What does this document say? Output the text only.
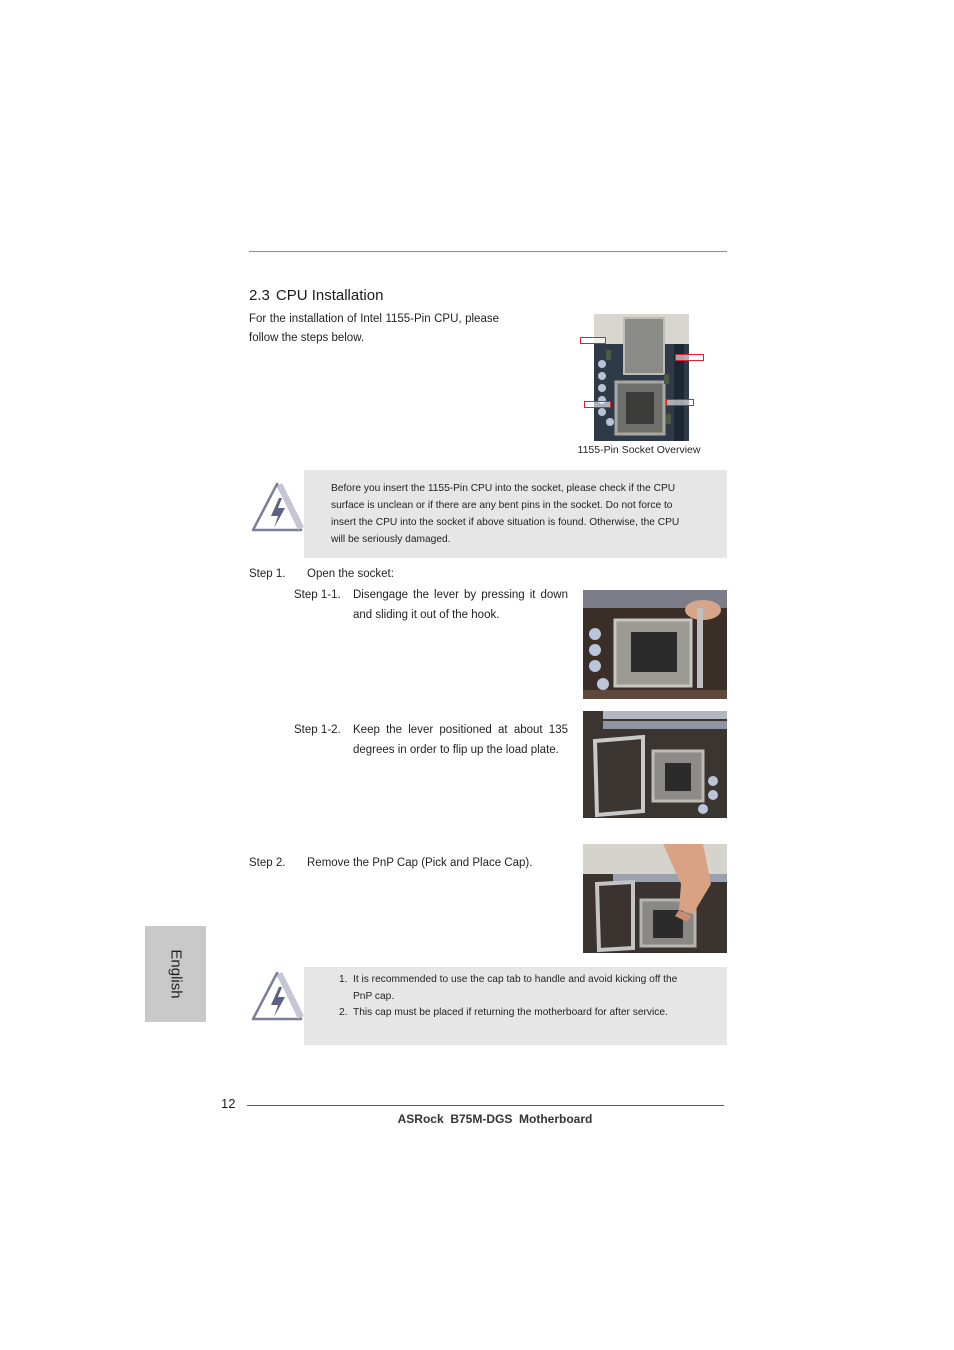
2.3 CPU Installation
For the installation of Intel 1155-Pin CPU, please follow the steps below.
1155-Pin Socket Overview
Before you insert the 1155-Pin CPU into the socket, please check if the CPU surface is unclean or if there are any bent pins in the socket. Do not force to insert the CPU into the socket if above situation is found. Otherwise, the CPU will be seriously damaged.
Step 1. Open the socket:
Step 1-1. Disengage the lever by pressing it down and sliding it out of the hook.
Step 1-2. Keep the lever positioned at about 135 degrees in order to flip up the load plate.
Step 2. Remove the PnP Cap (Pick and Place Cap).
1. It is recommended to use the cap tab to handle and avoid kicking off the PnP cap.
2. This cap must be placed if returning the motherboard for after service.
English
12
ASRock  B75M-DGS  Motherboard
